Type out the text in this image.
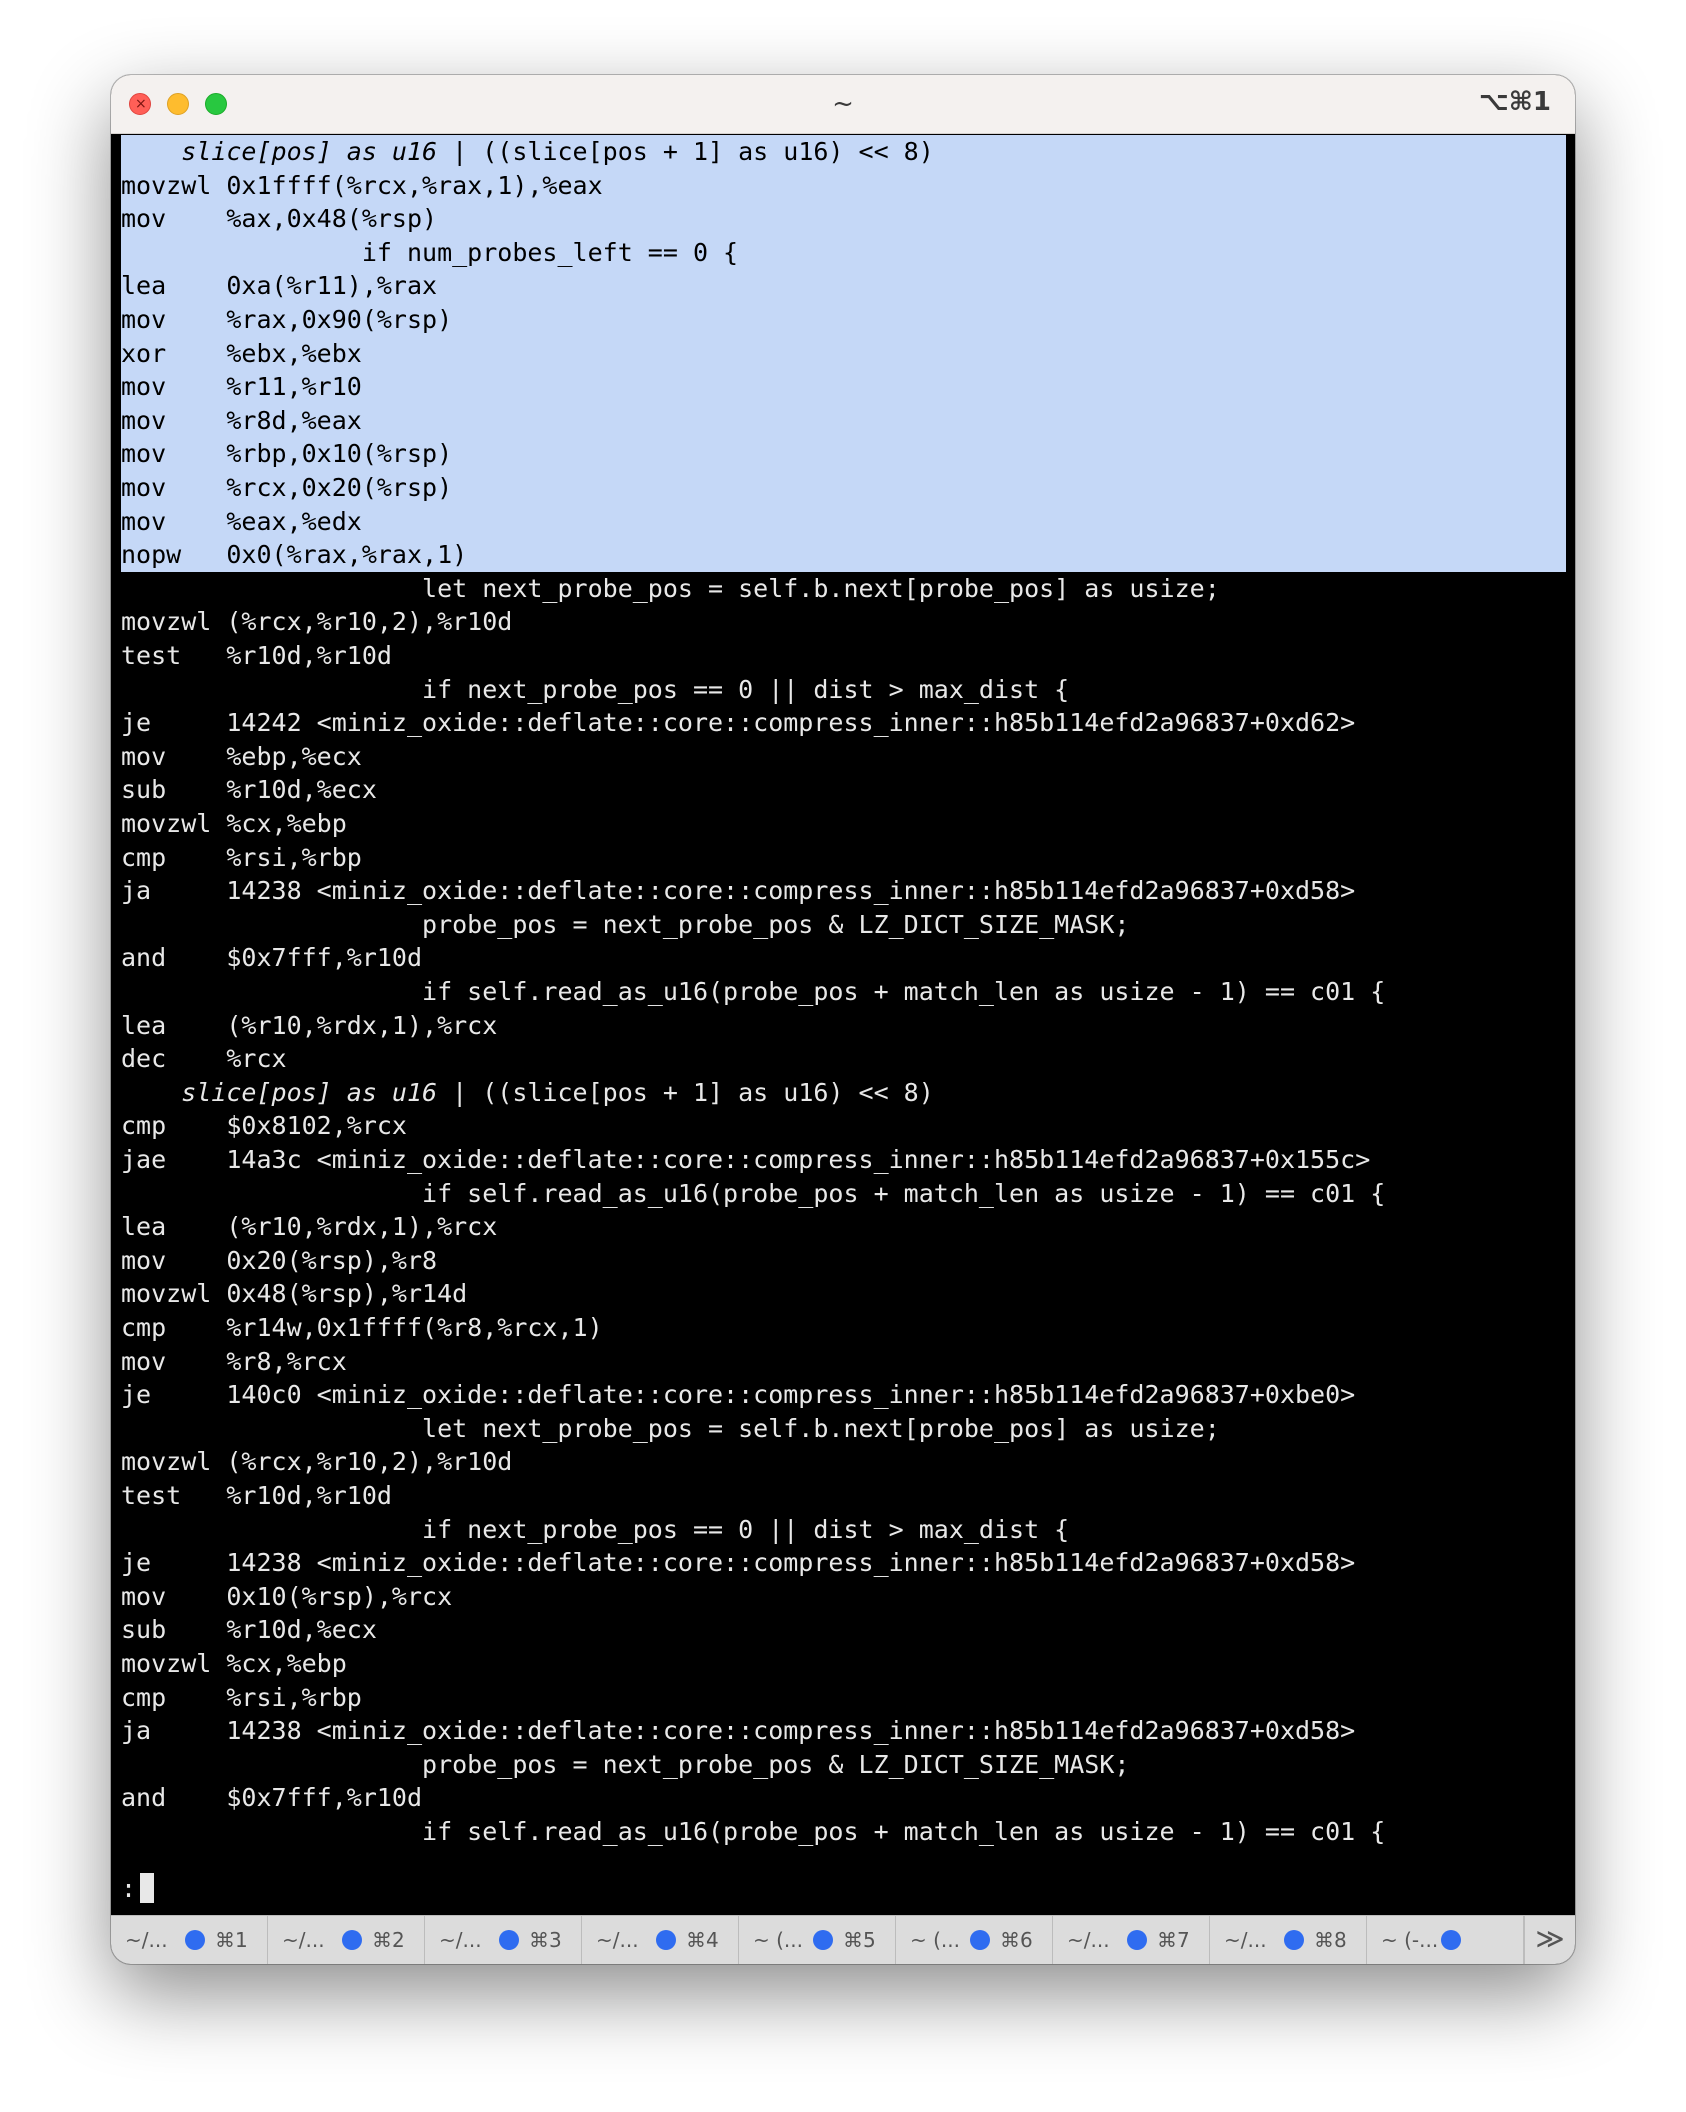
×	~	⌥⌘1
slice[pos] as u16 | ((slice[pos + 1] as u16) << 8)
movzwl 0x1ffff(%rcx,%rax,1),%eax
mov    %ax,0x48(%rsp)
if num_probes_left == 0 {
lea    0xa(%r11),%rax
mov    %rax,0x90(%rsp)
xor    %ebx,%ebx
mov    %r11,%r10
mov    %r8d,%eax
mov    %rbp,0x10(%rsp)
mov    %rcx,0x20(%rsp)
mov    %eax,%edx
nopw   0x0(%rax,%rax,1)
let next_probe_pos = self.b.next[probe_pos] as usize;
movzwl (%rcx,%r10,2),%r10d
test   %r10d,%r10d
if next_probe_pos == 0 || dist > max_dist {
je     14242 <miniz_oxide::deflate::core::compress_inner::h85b114efd2a96837+0xd62>
mov    %ebp,%ecx
sub    %r10d,%ecx
movzwl %cx,%ebp
cmp    %rsi,%rbp
ja     14238 <miniz_oxide::deflate::core::compress_inner::h85b114efd2a96837+0xd58>
probe_pos = next_probe_pos & LZ_DICT_SIZE_MASK;
and    $0x7fff,%r10d
if self.read_as_u16(probe_pos + match_len as usize - 1) == c01 {
lea    (%r10,%rdx,1),%rcx
dec    %rcx
slice[pos] as u16 | ((slice[pos + 1] as u16) << 8)
cmp    $0x8102,%rcx
jae    14a3c <miniz_oxide::deflate::core::compress_inner::h85b114efd2a96837+0x155c>
if self.read_as_u16(probe_pos + match_len as usize - 1) == c01 {
lea    (%r10,%rdx,1),%rcx
mov    0x20(%rsp),%r8
movzwl 0x48(%rsp),%r14d
cmp    %r14w,0x1ffff(%r8,%rcx,1)
mov    %r8,%rcx
je     140c0 <miniz_oxide::deflate::core::compress_inner::h85b114efd2a96837+0xbe0>
let next_probe_pos = self.b.next[probe_pos] as usize;
movzwl (%rcx,%r10,2),%r10d
test   %r10d,%r10d
if next_probe_pos == 0 || dist > max_dist {
je     14238 <miniz_oxide::deflate::core::compress_inner::h85b114efd2a96837+0xd58>
mov    0x10(%rsp),%rcx
sub    %r10d,%ecx
movzwl %cx,%ebp
cmp    %rsi,%rbp
ja     14238 <miniz_oxide::deflate::core::compress_inner::h85b114efd2a96837+0xd58>
probe_pos = next_probe_pos & LZ_DICT_SIZE_MASK;
and    $0x7fff,%r10d
if self.read_as_u16(probe_pos + match_len as usize - 1) == c01 {
:
≫
~/... ⌘1 ~/... ⌘2 ~/... ⌘3 ~/... ⌘4 ~ (... ⌘5 ~ (... ⌘6 ~/... ⌘7 ~/... ⌘8 ~ (-...
